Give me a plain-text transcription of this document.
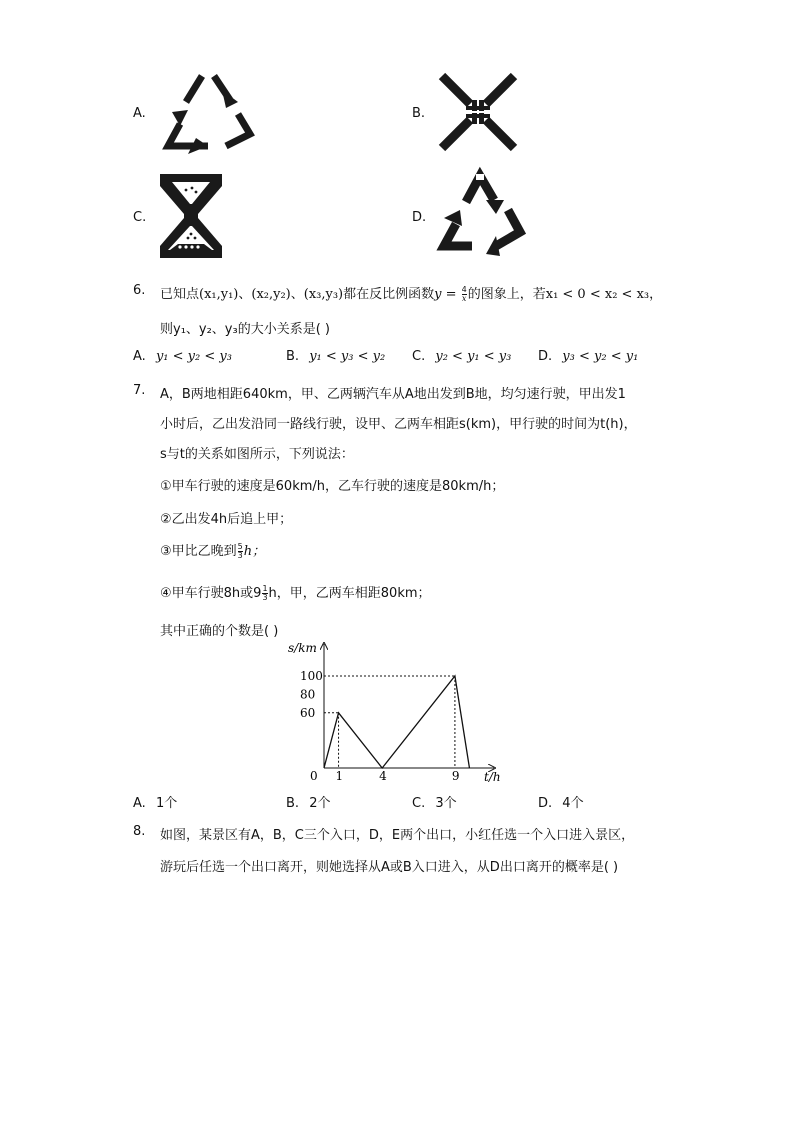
A.	B.
C.	D.
6. 已知点(x₁,y₁)、(x₂,y₂)、(x₃,y₃)都在反比例函数$y = \frac{4}{x}$ 的图象上，若x₁ < 0 < x₂ < x₃，
则y₁、y₂、y₃的大小关系是( )
A. y₁ < y₂ < y₃	B. y₁ < y₃ < y₂ C. y₂ < y₁ < y₃ D. y₃ < y₂ < y₁
7. A，B两地相距640km，甲、乙两辆汽车从A地出发到B地，均匀速行驶，甲出发1
小时后，乙出发沿同一路线行驶，设甲、乙两车相距s(km)，甲行驶的时间为t(h)，
s与t的关系如图所示，下列说法：
①甲车行驶的速度是60km/h，乙车行驶的速度是80km/h；
②乙出发4h后追上甲；
③甲比乙晚到 $\frac{5}{3}$ h；
④甲车行驶8h或$9 \frac{1}{3}$ h，甲，乙两车相距80km；
其中正确的个数是( )
s/km
t/h
0 1	4	9
60
80
100
A. 1个	B. 2个	C. 3个	D. 4个
8. 如图，某景区有A，B，C三个入口，D，E两个出口，小红任选一个入口进入景区，
游玩后任选一个出口离开，则她选择从A或B入口进入，从D出口离开的概率是( )
